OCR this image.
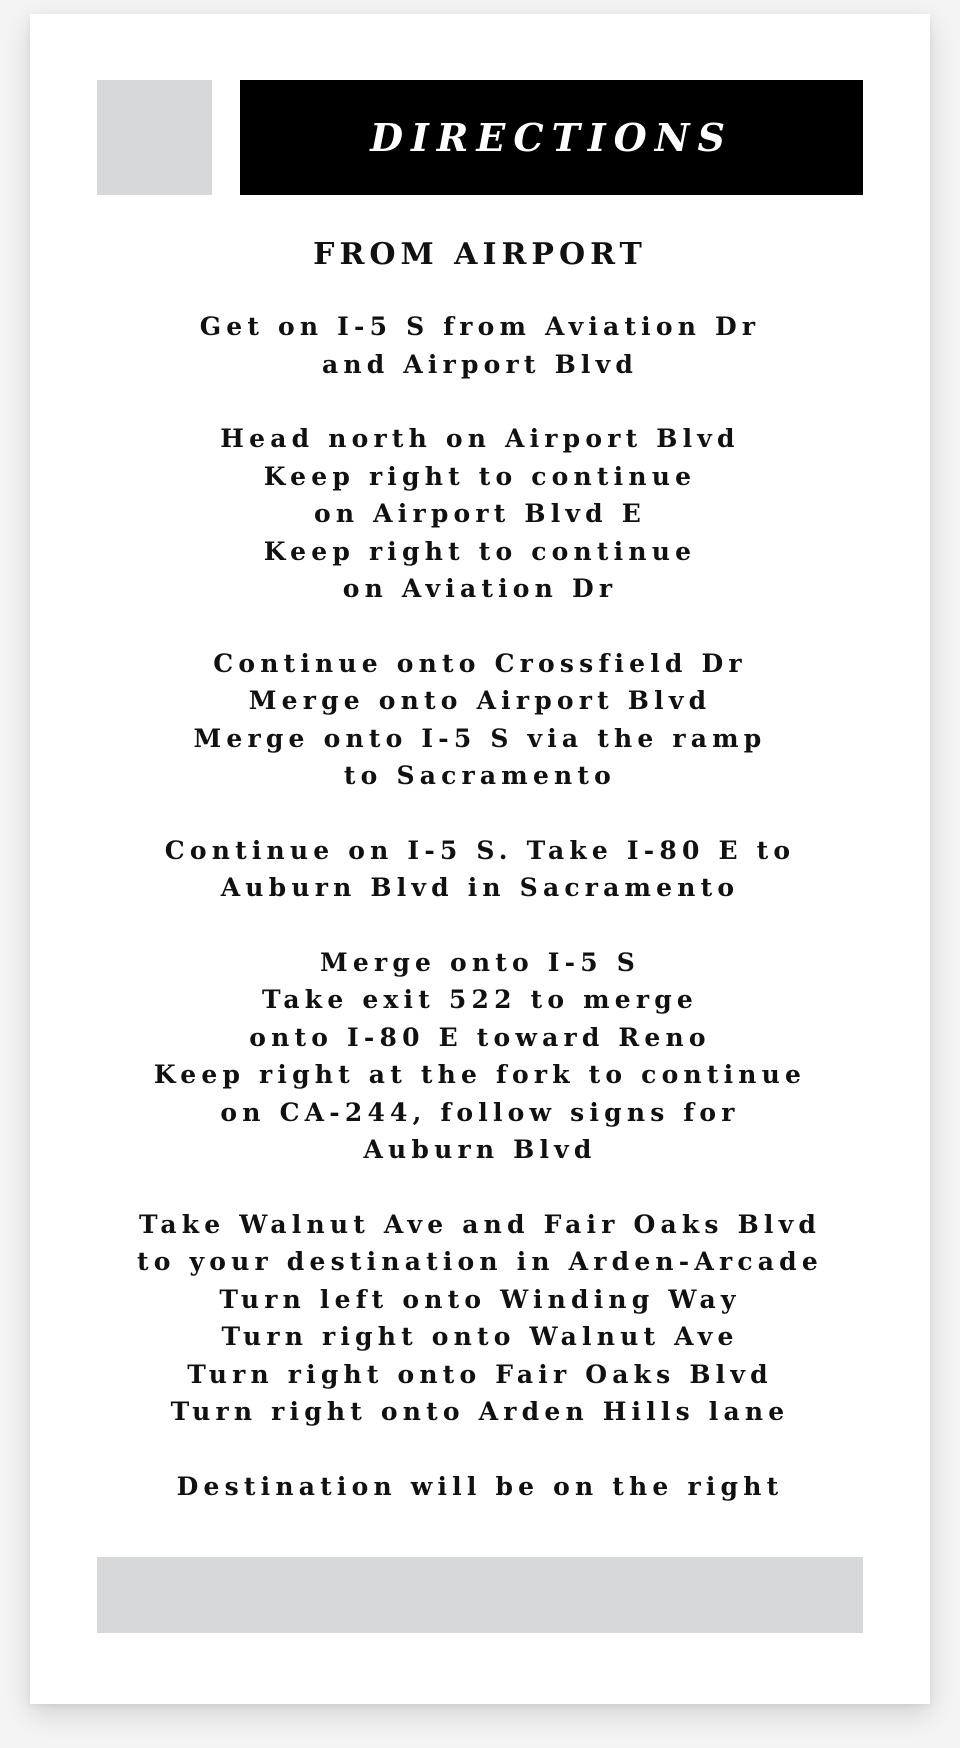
DIRECTIONS
FROM AIRPORT
Get on I-5 S from Aviation Dr
and Airport Blvd
Head north on Airport Blvd
Keep right to continue
on Airport Blvd E
Keep right to continue
on Aviation Dr
Continue onto Crossfield Dr
Merge onto Airport Blvd
Merge onto I-5 S via the ramp
to Sacramento
Continue on I-5 S. Take I-80 E to
Auburn Blvd in Sacramento
Merge onto I-5 S
Take exit 522 to merge
onto I-80 E toward Reno
Keep right at the fork to continue
on CA-244, follow signs for
Auburn Blvd
Take Walnut Ave and Fair Oaks Blvd
to your destination in Arden-Arcade
Turn left onto Winding Way
Turn right onto Walnut Ave
Turn right onto Fair Oaks Blvd
Turn right onto Arden Hills lane
Destination will be on the right
